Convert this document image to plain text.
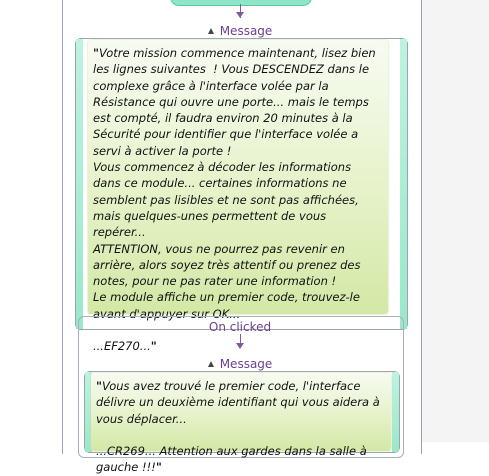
Message

"Votre mission commence maintenant, lisez bien les lignes suivantes  ! Vous DESCENDEZ dans le complexe grâce à l'interface volée par la Résistance qui ouvre une porte... mais le temps est compté, il faudra environ 20 minutes à la Sécurité pour identifier que l'interface volée a servi à activer la porte !
Vous commencez à décoder les informations dans ce module... certaines informations ne semblent pas lisibles et ne sont pas affichées, mais quelques-unes permettent de vous repérer...
ATTENTION, vous ne pourrez pas revenir en arrière, alors soyez très attentif ou prenez des notes, pour ne pas rater une information !
Le module affiche un premier code, trouvez-le avant d'appuyer sur OK...

...EF270..."

On clicked
Message

"Vous avez trouvé le premier code, l'interface délivre un deuxième identifiant qui vous aidera à vous déplacer...

...CR269... Attention aux gardes dans la salle à gauche !!!"
